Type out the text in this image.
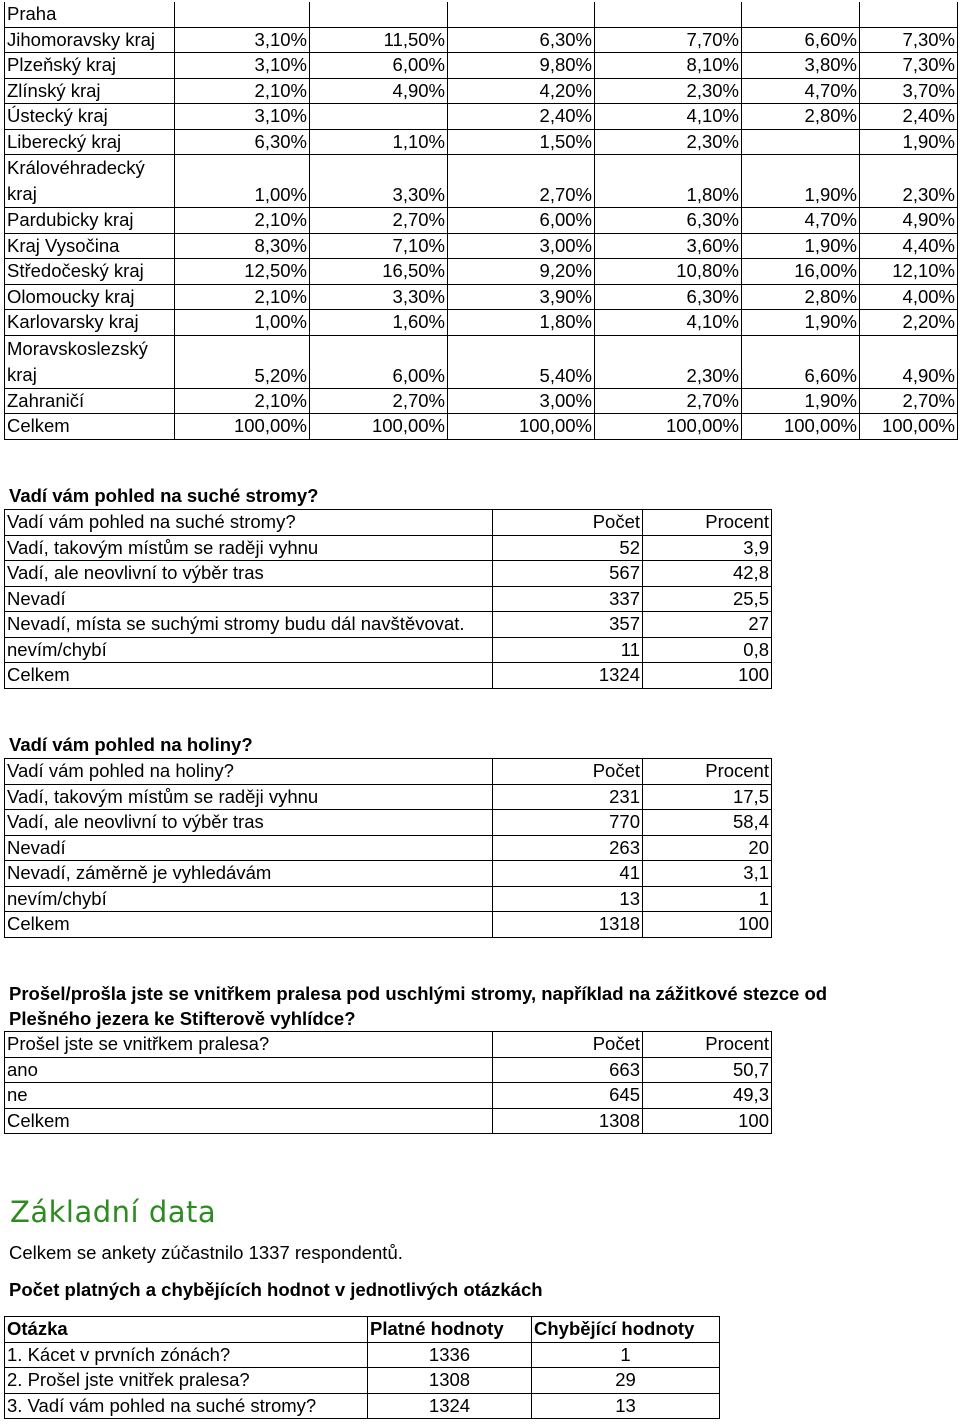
Praha						
Jihomoravsky kraj	3,10%	11,50%	6,30%	7,70%	6,60%	7,30%
Plzeňský kraj	3,10%	6,00%	9,80%	8,10%	3,80%	7,30%
Zlínský kraj	2,10%	4,90%	4,20%	2,30%	4,70%	3,70%
Ústecký kraj	3,10%		2,40%	4,10%	2,80%	2,40%
Liberecký kraj	6,30%	1,10%	1,50%	2,30%		1,90%
Královéhradecký kraj	1,00%	3,30%	2,70%	1,80%	1,90%	2,30%
Pardubicky kraj	2,10%	2,70%	6,00%	6,30%	4,70%	4,90%
Kraj Vysočina	8,30%	7,10%	3,00%	3,60%	1,90%	4,40%
Středočeský kraj	12,50%	16,50%	9,20%	10,80%	16,00%	12,10%
Olomoucky kraj	2,10%	3,30%	3,90%	6,30%	2,80%	4,00%
Karlovarsky kraj	1,00%	1,60%	1,80%	4,10%	1,90%	2,20%
Moravskoslezský kraj	5,20%	6,00%	5,40%	2,30%	6,60%	4,90%
Zahraničí	2,10%	2,70%	3,00%	2,70%	1,90%	2,70%
Celkem	100,00%	100,00%	100,00%	100,00%	100,00%	100,00%
Vadí vám pohled na suché stromy?
Vadí vám pohled na suché stromy?	Počet	Procent
Vadí, takovým místům se raději vyhnu	52	3,9
Vadí, ale neovlivní to výběr tras	567	42,8
Nevadí	337	25,5
Nevadí, místa se suchými stromy budu dál navštěvovat.	357	27
nevím/chybí	11	0,8
Celkem	1324	100
Vadí vám pohled na holiny?
Vadí vám pohled na holiny?	Počet	Procent
Vadí, takovým místům se raději vyhnu	231	17,5
Vadí, ale neovlivní to výběr tras	770	58,4
Nevadí	263	20
Nevadí, záměrně je vyhledávám	41	3,1
nevím/chybí	13	1
Celkem	1318	100
Prošel/prošla jste se vnitřkem pralesa pod uschlými stromy, například na zážitkové stezce od
Plešného jezera ke Stifterově vyhlídce?
Prošel jste se vnitřkem pralesa?	Počet	Procent
ano	663	50,7
ne	645	49,3
Celkem	1308	100
Základní data
Celkem se ankety zúčastnilo 1337 respondentů.
Počet platných a chybějících hodnot v jednotlivých otázkách
Otázka	Platné hodnoty	Chybějící hodnoty
1. Kácet v prvních zónách?	1336	1
2. Prošel jste vnitřek pralesa?	1308	29
3. Vadí vám pohled na suché stromy?	1324	13
